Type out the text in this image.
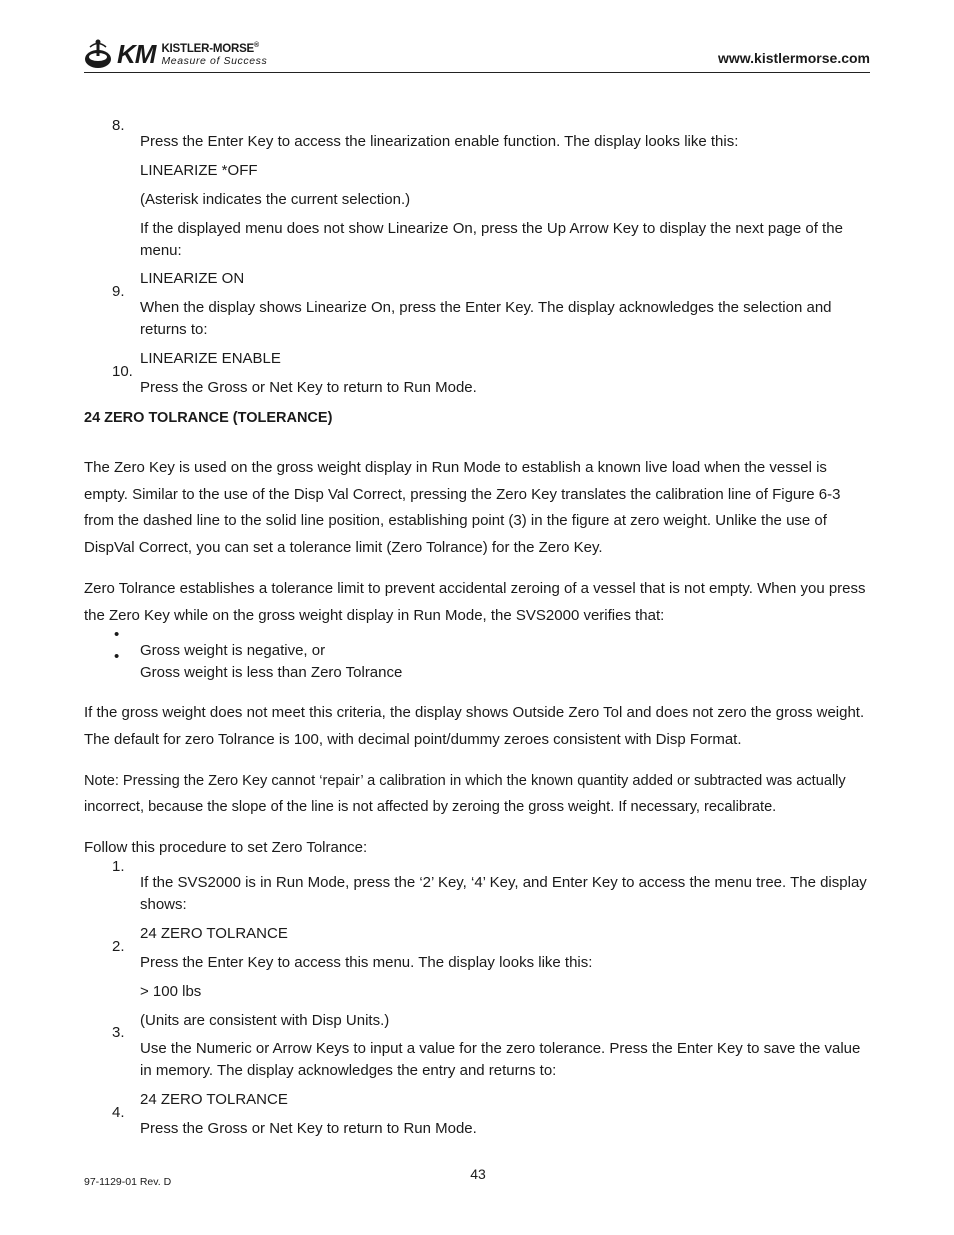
KM KISTLER-MORSE®
Measure of Success	www.kistlermorse.com
8.

Press the Enter Key to access the linearization enable function. The display looks like this:

LINEARIZE *OFF

(Asterisk indicates the current selection.)

If the displayed menu does not show Linearize On, press the Up Arrow Key to display the next page of the menu:

LINEARIZE ON

9.

When the display shows Linearize On, press the Enter Key. The display acknowledges the selection and returns to:

LINEARIZE ENABLE

10.

Press the Gross or Net Key to return to Run Mode.

24 ZERO TOLRANCE (TOLERANCE)

The Zero Key is used on the gross weight display in Run Mode to establish a known live load when the vessel is empty. Similar to the use of the Disp Val Correct, pressing the Zero Key translates the calibration line of Figure 6-3 from the dashed line to the solid line position, establishing point (3) in the figure at zero weight. Unlike the use of DispVal Correct, you can set a tolerance limit (Zero Tolrance) for the Zero Key.

Zero Tolrance establishes a tolerance limit to prevent accidental zeroing of a vessel that is not empty. When you press the Zero Key while on the gross weight display in Run Mode, the SVS2000 verifies that:

•

Gross weight is negative, or

•

Gross weight is less than Zero Tolrance

If the gross weight does not meet this criteria, the display shows Outside Zero Tol and does not zero the gross weight. The default for zero Tolrance is 100, with decimal point/dummy zeroes consistent with Disp Format.

Note: Pressing the Zero Key cannot ‘repair’ a calibration in which the known quantity added or subtracted was actually incorrect, because the slope of the line is not affected by zeroing the gross weight. If necessary, recalibrate.

Follow this procedure to set Zero Tolrance:

1.

If the SVS2000 is in Run Mode, press the ‘2’ Key, ‘4’ Key, and Enter Key to access the menu tree. The display shows:

24 ZERO TOLRANCE

2.

Press the Enter Key to access this menu. The display looks like this:

> 100 lbs

(Units are consistent with Disp Units.)

3.

Use the Numeric or Arrow Keys to input a value for the zero tolerance. Press the Enter Key to save the value in memory. The display acknowledges the entry and returns to:

24 ZERO TOLRANCE

4.

Press the Gross or Net Key to return to Run Mode.

97-1129-01 Rev. D	43
